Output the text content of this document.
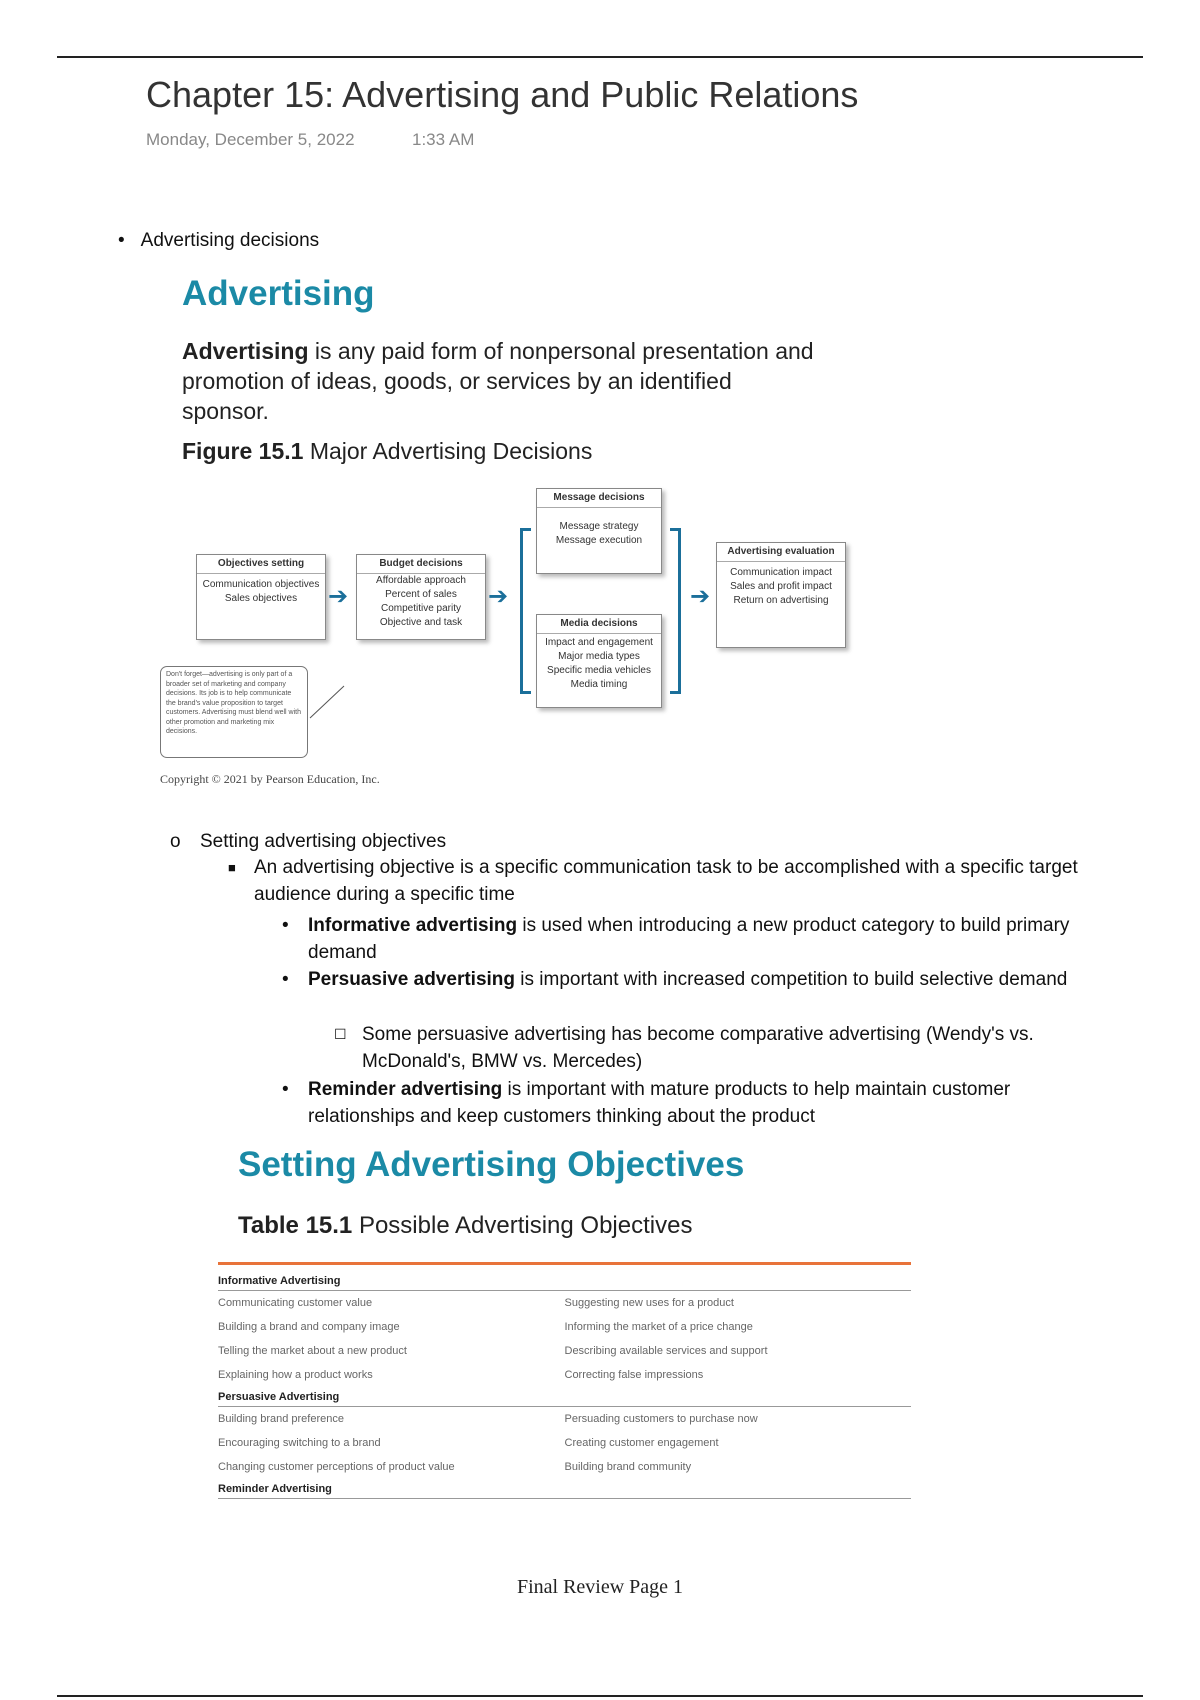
Chapter 15: Advertising and Public Relations
Monday, December 5, 2022	1:33 AM
• Advertising decisions
Advertising
Advertising is any paid form of nonpersonal presentation and promotion of ideas, goods, or services by an identified sponsor.
Figure 15.1 Major Advertising Decisions
Objectives setting
Communication objectives
Sales objectives	➔
Budget decisions
Affordable approach
Percent of sales
Competitive parity
Objective and task
➔
Message decisions
Message strategy
Message execution
Media decisions
Impact and engagement
Major media types
Specific media vehicles
Media timing
➔
Advertising evaluation
Communication impact
Sales and profit impact
Return on advertising
Don't forget—advertising is only part of a broader set of marketing and company decisions. Its job is to help communicate the brand's value proposition to target customers. Advertising must blend well with other promotion and marketing mix decisions.
Copyright © 2021 by Pearson Education, Inc.
o Setting advertising objectives
■ An advertising objective is a specific communication task to be accomplished with a specific target audience during a specific time
• Informative advertising is used when introducing a new product category to build primary demand
• Persuasive advertising is important with increased competition to build selective demand
☐ Some persuasive advertising has become comparative advertising (Wendy's vs. McDonald's, BMW vs. Mercedes)
• Reminder advertising is important with mature products to help maintain customer relationships and keep customers thinking about the product
Setting Advertising Objectives
Table 15.1 Possible Advertising Objectives
Informative Advertising
Communicating customer value	Suggesting new uses for a product
Building a brand and company image	Informing the market of a price change
Telling the market about a new product	Describing available services and support
Explaining how a product works	Correcting false impressions
Persuasive Advertising
Building brand preference	Persuading customers to purchase now
Encouraging switching to a brand	Creating customer engagement
Changing customer perceptions of product value	Building brand community
Reminder Advertising
Final Review Page 1
